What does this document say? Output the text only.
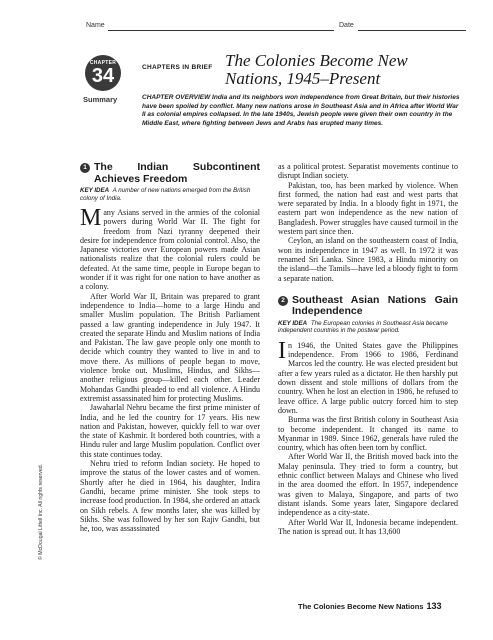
Name	Date
CHAPTER
34
Summary
CHAPTERS IN BRIEF The Colonies Become New Nations, 1945–Present
CHAPTER OVERVIEW India and its neighbors won independence from Great Britain, but their histories have been spoiled by conflict. Many new nations arose in Southeast Asia and in Africa after World War II as colonial empires collapsed. In the late 1940s, Jewish people were given their own country in the Middle East, where fighting between Jews and Arabs has erupted many times.
© McDougal Littell Inc. All rights reserved.
1 The Indian Subcontinent Achieves Freedom
KEY IDEA A number of new nations emerged from the British colony of India.

Many Asians served in the armies of the colonial powers during World War II. The fight for freedom from Nazi tyranny deepened their desire for independence from colonial control. Also, the Japanese victories over European powers made Asian nationalists realize that the colonial rulers could be defeated. At the same time, people in Europe began to wonder if it was right for one nation to have another as a colony.

After World War II, Britain was prepared to grant independence to India—home to a large Hindu and smaller Muslim population. The British Parliament passed a law granting independence in July 1947. It created the separate Hindu and Muslim nations of India and Pakistan. The law gave people only one month to decide which country they wanted to live in and to move there. As millions of people began to move, violence broke out. Muslims, Hindus, and Sikhs—another religious group—killed each other. Leader Mohandas Gandhi pleaded to end all violence. A Hindu extremist assassinated him for protecting Muslims.

Jawaharlal Nehru became the first prime minister of India, and he led the country for 17 years. His new nation and Pakistan, however, quickly fell to war over the state of Kashmir. It bordered both countries, with a Hindu ruler and large Muslim population. Conflict over this state continues today.

Nehru tried to reform Indian society. He hoped to improve the status of the lower castes and of women. Shortly after he died in 1964, his daughter, Indira Gandhi, became prime minister. She took steps to increase food production. In 1984, she ordered an attack on Sikh rebels. A few months later, she was killed by Sikhs. She was followed by her son Rajiv Gandhi, but he, too, was assassinated

as a political protest. Separatist movements continue to disrupt Indian society.

Pakistan, too, has been marked by violence. When first formed, the nation had east and west parts that were separated by India. In a bloody fight in 1971, the eastern part won independence as the new nation of Bangladesh. Power struggles have caused turmoil in the western part since then.

Ceylon, an island on the southeastern coast of India, won its independence in 1947 as well. In 1972 it was renamed Sri Lanka. Since 1983, a Hindu minority on the island—the Tamils—have led a bloody fight to form a separate nation.

2 Southeast Asian Nations Gain Independence
KEY IDEA The European colonies in Southeast Asia became independent countries in the postwar period.

In 1946, the United States gave the Philippines independence. From 1966 to 1986, Ferdinand Marcos led the country. He was elected president but after a few years ruled as a dictator. He then harshly put down dissent and stole millions of dollars from the country. When he lost an election in 1986, he refused to leave office. A large public outcry forced him to step down.

Burma was the first British colony in Southeast Asia to become independent. It changed its name to Myanmar in 1989. Since 1962, generals have ruled the country, which has often been torn by conflict.

After World War II, the British moved back into the Malay peninsula. They tried to form a country, but ethnic conflict between Malays and Chinese who lived in the area doomed the effort. In 1957, independence was given to Malaya, Singapore, and parts of two distant islands. Some years later, Singapore declared independence as a city-state.

After World War II, Indonesia became independent. The nation is spread out. It has 13,600

The Colonies Become New Nations 133
